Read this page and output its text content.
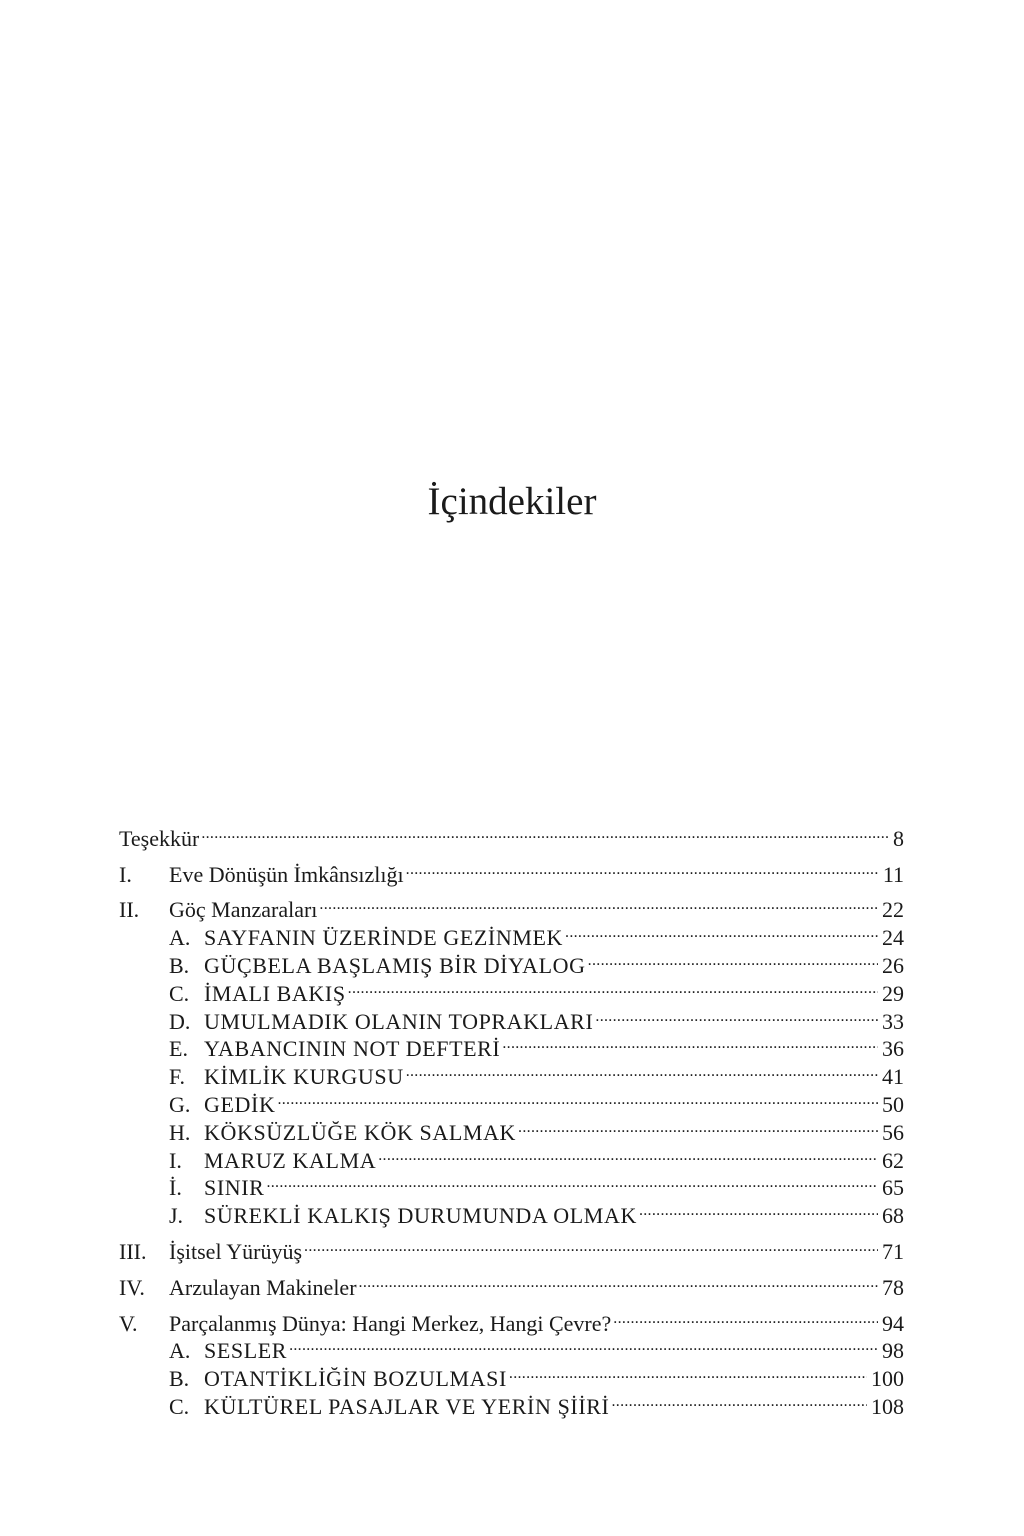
İçindekiler
Teşekkür .....	8
I.	Eve Dönüşün İmkânsızlığı .....	11
II.	Göç Manzaraları .....	22
A. SAYFANIN ÜZERİNDE GEZİNMEK .....	24
B. GÜÇBELA BAŞLAMIŞ BİR DİYALOG .....	26
C. İMALI BAKIŞ .....	29
D. UMULMADIK OLANIN TOPRAKLARI .....	33
E. YABANCININ NOT DEFTERİ .....	36
F. KİMLİK KURGUSU .....	41
G. GEDİK .....	50
H. KÖKSÜZLÜĞE KÖK SALMAK .....	56
I.	MARUZ KALMA .....	62
İ.	SINIR .....	65
J. SÜREKLİ KALKIŞ DURUMUNDA OLMAK .....	68
III.	İşitsel Yürüyüş .....	71
IV.	Arzulayan Makineler .....	78
V.	Parçalanmış Dünya: Hangi Merkez, Hangi Çevre? .....	94
A. SESLER .....	98
B. OTANTİKLİĞİN BOZULMASI .....	100
C. KÜLTÜREL PASAJLAR VE YERİN ŞİİRİ .....	108
